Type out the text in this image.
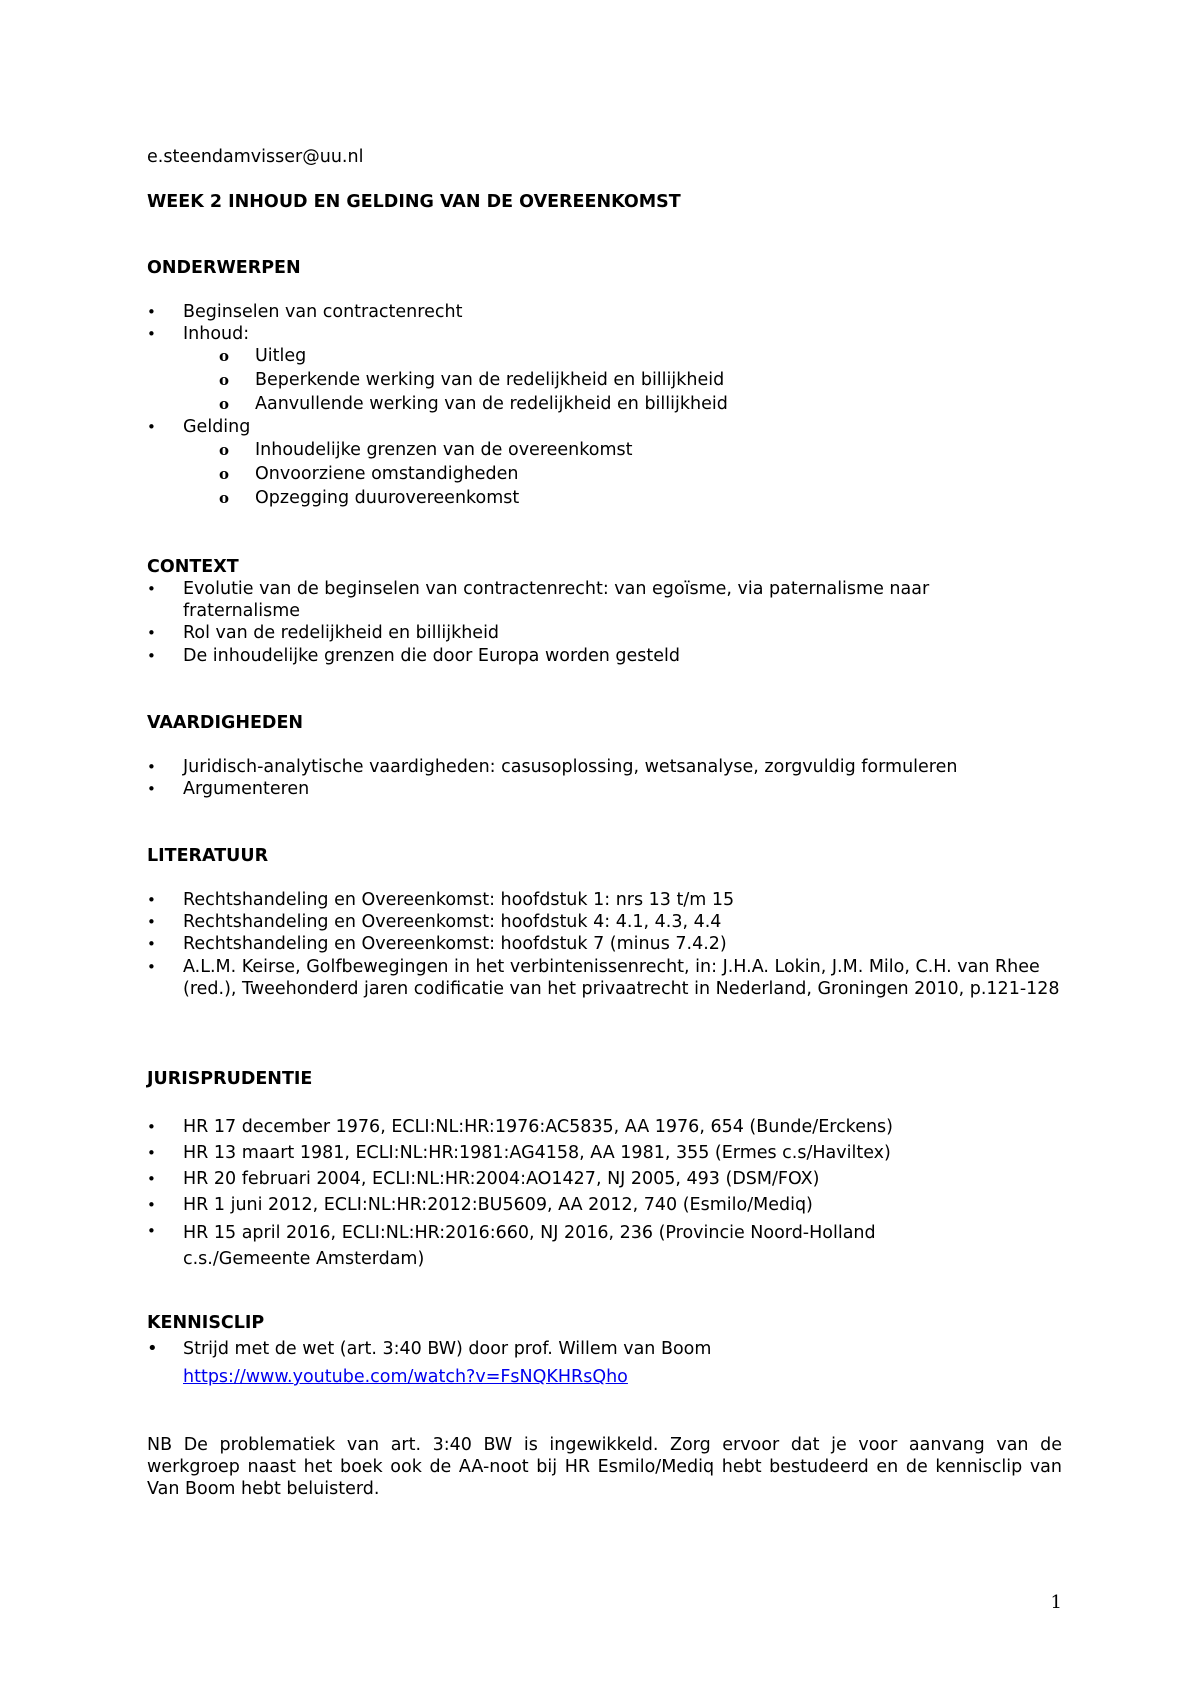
e.steendamvisser@uu.nl
WEEK 2 INHOUD EN GELDING VAN DE OVEREENKOMST
ONDERWERPEN
• Beginselen van contractenrecht
• Inhoud:
o Uitleg
o Beperkende werking van de redelijkheid en billijkheid
o Aanvullende werking van de redelijkheid en billijkheid
• Gelding
o Inhoudelijke grenzen van de overeenkomst
o Onvoorziene omstandigheden
o Opzegging duurovereenkomst
CONTEXT
• Evolutie van de beginselen van contractenrecht: van egoïsme, via paternalisme naar fraternalisme
• Rol van de redelijkheid en billijkheid
• De inhoudelijke grenzen die door Europa worden gesteld
VAARDIGHEDEN
• Juridisch-analytische vaardigheden: casusoplossing, wetsanalyse, zorgvuldig formuleren
• Argumenteren
LITERATUUR
• Rechtshandeling en Overeenkomst: hoofdstuk 1: nrs 13 t/m 15
• Rechtshandeling en Overeenkomst: hoofdstuk 4: 4.1, 4.3, 4.4
• Rechtshandeling en Overeenkomst: hoofdstuk 7 (minus 7.4.2)
• A.L.M. Keirse, Golfbewegingen in het verbintenissenrecht, in: J.H.A. Lokin, J.M. Milo, C.H. van Rhee (red.), Tweehonderd jaren codificatie van het privaatrecht in Nederland, Groningen 2010, p.121-128
JURISPRUDENTIE
• HR 17 december 1976, ECLI:NL:HR:1976:AC5835, AA 1976, 654 (Bunde/Erckens)
• HR 13 maart 1981, ECLI:NL:HR:1981:AG4158, AA 1981, 355 (Ermes c.s/Haviltex)
• HR 20 februari 2004, ECLI:NL:HR:2004:AO1427, NJ 2005, 493 (DSM/FOX)
• HR 1 juni 2012, ECLI:NL:HR:2012:BU5609, AA 2012, 740 (Esmilo/Mediq)
• HR 15 april 2016, ECLI:NL:HR:2016:660, NJ 2016, 236 (Provincie Noord-Holland c.s./Gemeente Amsterdam)
KENNISCLIP
• Strijd met de wet (art. 3:40 BW) door prof. Willem van Boom
https://www.youtube.com/watch?v=FsNQKHRsQho
NB De problematiek van art. 3:40 BW is ingewikkeld. Zorg ervoor dat je voor aanvang van de werkgroep naast het boek ook de AA-noot bij HR Esmilo/Mediq hebt bestudeerd en de kennisclip van Van Boom hebt beluisterd.
1
